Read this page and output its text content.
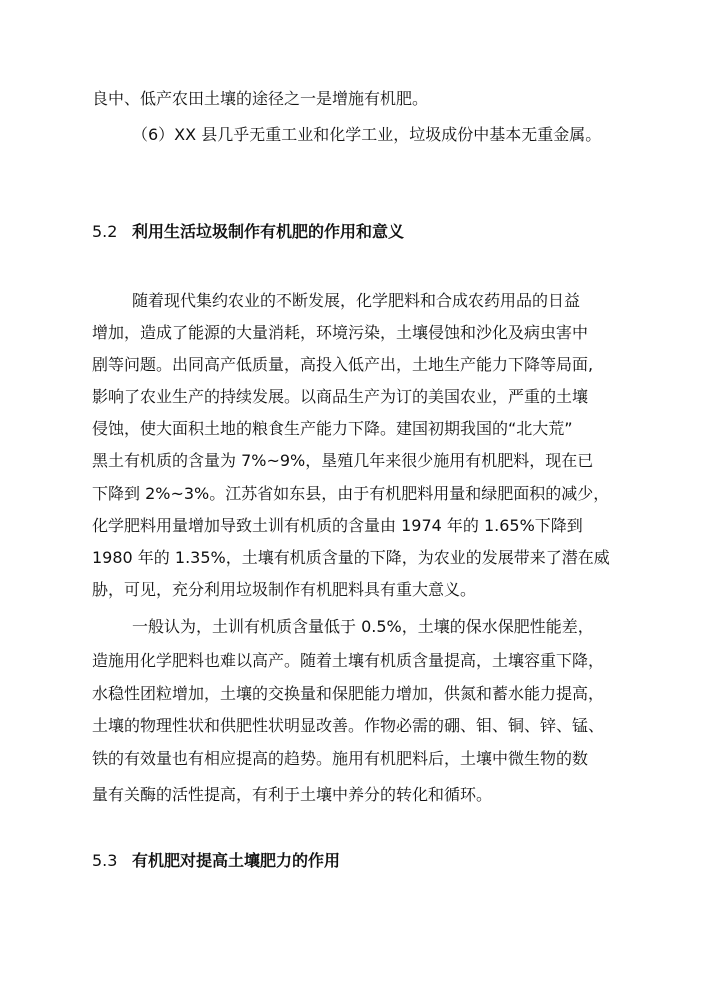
良中、低产农田土壤的途径之一是增施有机肥。
（6）XX 县几乎无重工业和化学工业，垃圾成份中基本无重金属。
5.2 利用生活垃圾制作有机肥的作用和意义
随着现代集约农业的不断发展，化学肥料和合成农药用品的日益
增加，造成了能源的大量消耗，环境污染，土壤侵蚀和沙化及病虫害中
剧等问题。出同高产低质量，高投入低产出，土地生产能力下降等局面,
影响了农业生产的持续发展。以商品生产为订的美国农业，严重的土壤
侵蚀，使大面积土地的粮食生产能力下降。建国初期我国的“北大荒”
黑土有机质的含量为 7%~9%，垦殖几年来很少施用有机肥料，现在已
下降到 2%~3%。江苏省如东县，由于有机肥料用量和绿肥面积的减少，
化学肥料用量增加导致土训有机质的含量由 1974 年的 1.65%下降到
1980 年的 1.35%，土壤有机质含量的下降，为农业的发展带来了潜在威
胁，可见，充分利用垃圾制作有机肥料具有重大意义。
一般认为，土训有机质含量低于 0.5%，土壤的保水保肥性能差，
造施用化学肥料也难以高产。随着土壤有机质含量提高，土壤容重下降，
水稳性团粒增加，土壤的交换量和保肥能力增加，供氮和蓄水能力提高，
土壤的物理性状和供肥性状明显改善。作物必需的硼、钼、铜、锌、锰、
铁的有效量也有相应提高的趋势。施用有机肥料后，土壤中微生物的数
量有关酶的活性提高，有利于土壤中养分的转化和循环。
5.3 有机肥对提高土壤肥力的作用
